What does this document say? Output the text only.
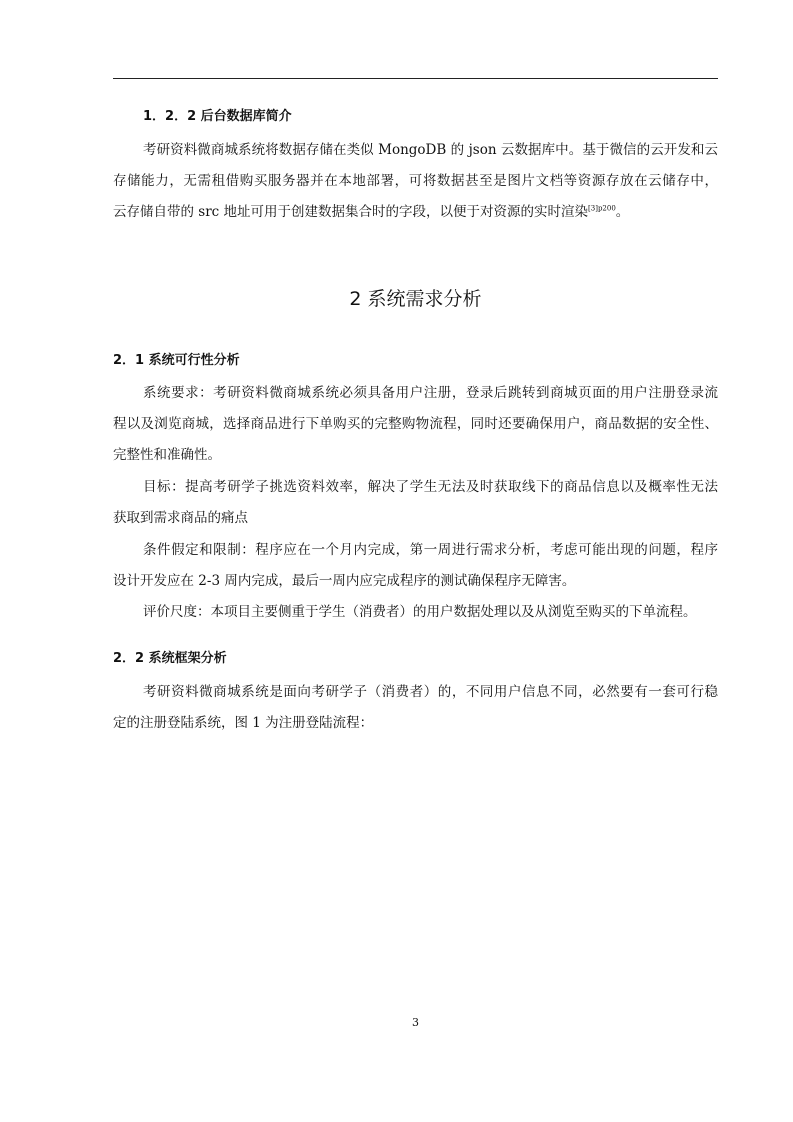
1．2．2 后台数据库简介
考研资料微商城系统将数据存储在类似 MongoDB 的 json 云数据库中。基于微信的云开发和云
存储能力，无需租借购买服务器并在本地部署，可将数据甚至是图片文档等资源存放在云储存中，
云存储自带的 src 地址可用于创建数据集合时的字段，以便于对资源的实时渲染$^{[3]p200}$。
2 系统需求分析
2．1 系统可行性分析
系统要求：考研资料微商城系统必须具备用户注册，登录后跳转到商城页面的用户注册登录流
程以及浏览商城，选择商品进行下单购买的完整购物流程，同时还要确保用户，商品数据的安全性、
完整性和准确性。
目标：提高考研学子挑选资料效率，解决了学生无法及时获取线下的商品信息以及概率性无法
获取到需求商品的痛点
条件假定和限制：程序应在一个月内完成，第一周进行需求分析，考虑可能出现的问题，程序
设计开发应在 2-3 周内完成，最后一周内应完成程序的测试确保程序无障害。
评价尺度：本项目主要侧重于学生（消费者）的用户数据处理以及从浏览至购买的下单流程。
2．2 系统框架分析
考研资料微商城系统是面向考研学子（消费者）的，不同用户信息不同，必然要有一套可行稳
定的注册登陆系统，图 1 为注册登陆流程：
3
